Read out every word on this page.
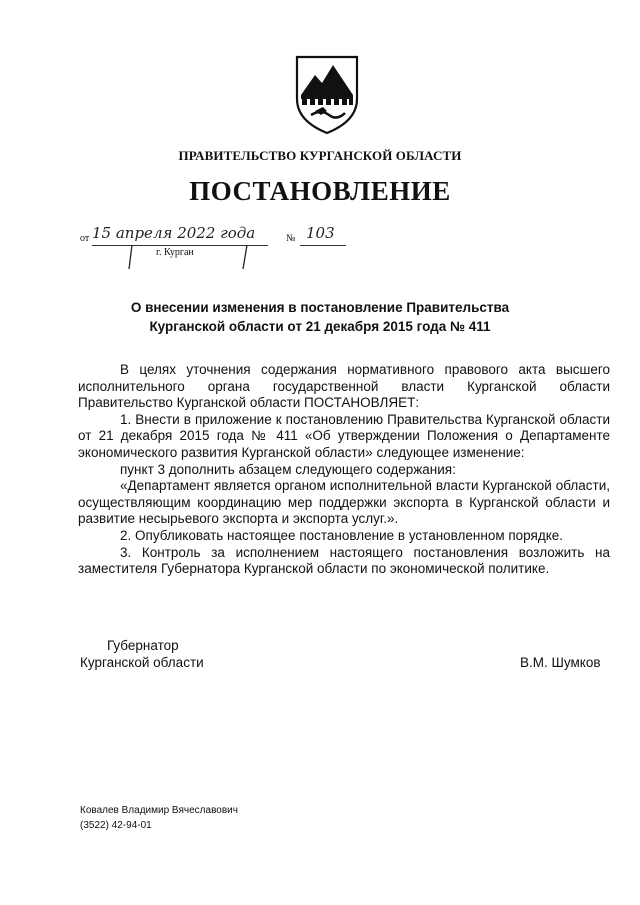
ПРАВИТЕЛЬСТВО КУРГАНСКОЙ ОБЛАСТИ
ПОСТАНОВЛЕНИЕ
от 15 апреля 2022 года	№ 103
г. Курган
О внесении изменения в постановление Правительства
Курганской области от 21 декабря 2015 года № 411

В целях уточнения содержания нормативного правового акта высшего исполнительного органа государственной власти Курганской области Правительство Курганской области ПОСТАНОВЛЯЕТ:

1. Внести в приложение к постановлению Правительства Курганской области от 21 декабря 2015 года № 411 «Об утверждении Положения о Департаменте экономического развития Курганской области» следующее изменение:

пункт 3 дополнить абзацем следующего содержания:

«Департамент является органом исполнительной власти Курганской области, осуществляющим координацию мер поддержки экспорта в Курганской области и развитие несырьевого экспорта и экспорта услуг.».

2. Опубликовать настоящее постановление в установленном порядке.

3. Контроль за исполнением настоящего постановления возложить на заместителя Губернатора Курганской области по экономической политике.

Губернатор
Курганской области	В.М. Шумков
Ковалев Владимир Вячеславович
(3522) 42-94-01
